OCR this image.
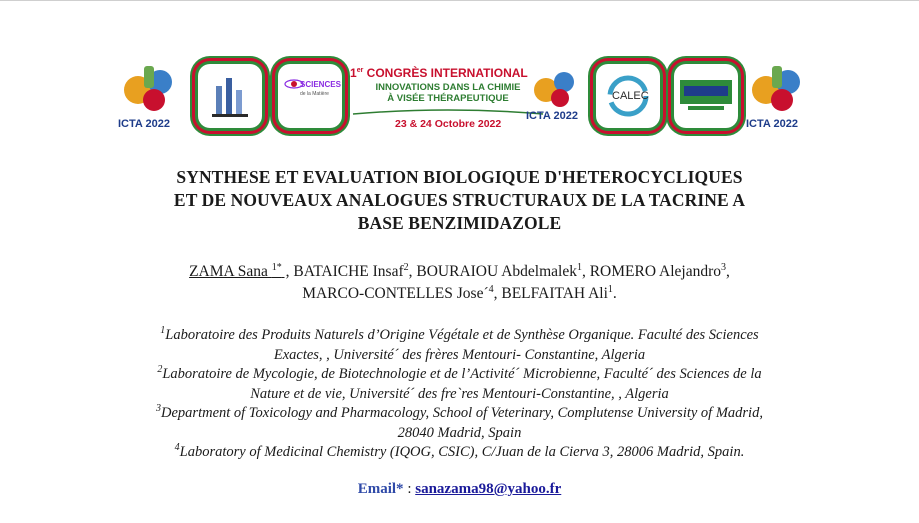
ICTA 2022
SCIENCES
de la Matière
1er CONGRÈS INTERNATIONAL
INNOVATIONS DANS LA CHIMIE
À VISÉE THÉRAPEUTIQUE
23 & 24 Octobre 2022
ICTA 2022
CALEC
ICTA 2022
SYNTHESE ET EVALUATION BIOLOGIQUE D'HETEROCYCLIQUES
ET DE NOUVEAUX ANALOGUES STRUCTURAUX DE LA TACRINE A
BASE BENZIMIDAZOLE
ZAMA Sana $^{1*}$ , BATAICHE Insaf$^2$, BOURAIOU Abdelmalek$^1$, ROMERO Alejandro$^3$,
MARCO-CONTELLES Jose´$^4$, BELFAITAH Ali$^1$.
$^1$Laboratoire des Produits Naturels d’Origine Végétale et de Synthèse Organique. Faculté des Sciences
Exactes, , Université´ des frères Mentouri- Constantine, Algeria
$^2$Laboratoire de Mycologie, de Biotechnologie et de l’Activité´ Microbienne, Faculté´ des Sciences de la
Nature et de vie, Université´ des fre`res Mentouri-Constantine, , Algeria
$^3$Department of Toxicology and Pharmacology, School of Veterinary, Complutense University of Madrid,
28040 Madrid, Spain
$^4$Laboratory of Medicinal Chemistry (IQOG, CSIC), C/Juan de la Cierva 3, 28006 Madrid, Spain.
Email* : sanazama98@yahoo.fr
